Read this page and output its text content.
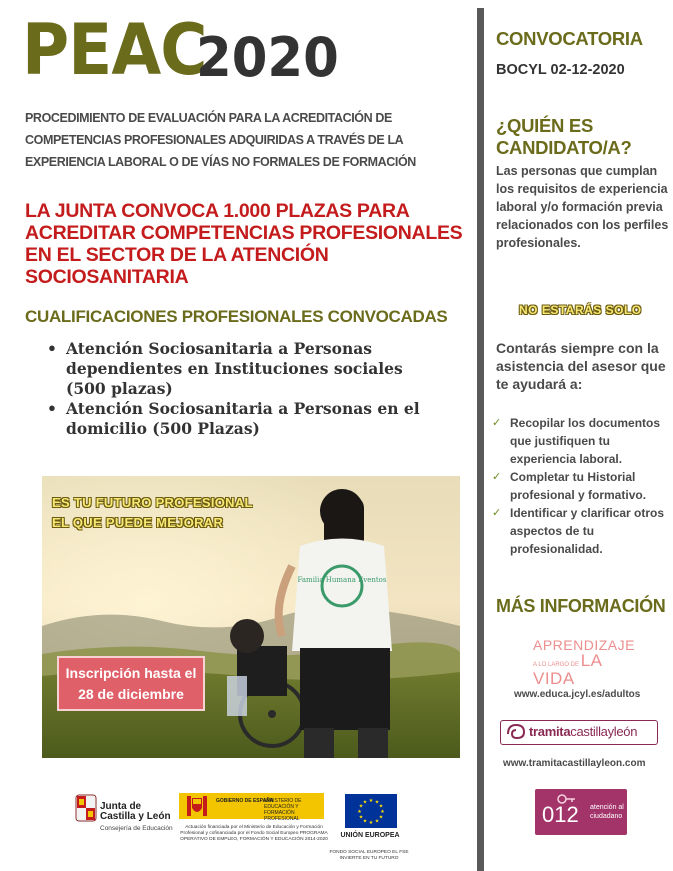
PEAC
2020
PROCEDIMIENTO DE EVALUACIÓN PARA LA ACREDITACIÓN DE COMPETENCIAS PROFESIONALES ADQUIRIDAS A TRAVÉS DE LA EXPERIENCIA LABORAL O DE VÍAS NO FORMALES DE FORMACIÓN
LA JUNTA CONVOCA 1.000 PLAZAS PARA
ACREDITAR COMPETENCIAS PROFESIONALES
EN EL SECTOR DE LA ATENCIÓN SOCIOSANITARIA
CUALIFICACIONES PROFESIONALES CONVOCADAS
• Atención Sociosanitaria a Personas dependientes en Instituciones sociales (500 plazas)
• Atención Sociosanitaria a Personas en el domicilio (500 Plazas)
Familia Humana Eventos
ES TU FUTURO PROFESIONAL
EL QUE PUEDE MEJORAR
Inscripción hasta el
28 de diciembre
Junta de
Castilla y León
Consejería de Educación
GOBIERNO DE ESPAÑA
MINISTERIO DE EDUCACIÓN Y FORMACIÓN PROFESIONAL
Actuación financiada por el Ministerio de Educación y Formación Profesional y cofinanciada por el Fondo Social Europeo PROGRAMA OPERATIVO DE EMPLEO, FORMACIÓN Y EDUCACIÓN 2014-2020
★ ★
★
★
★
★
★
★
★
★
★
★
UNIÓN EUROPEA
FONDO SOCIAL EUROPEO EL FSE INVIERTE EN TU FUTURO
CONVOCATORIA
BOCYL 02-12-2020
¿QUIÉN ES CANDIDATO/A?
Las personas que cumplan los requisitos de experiencia laboral y/o formación previa relacionados con los perfiles profesionales.
NO ESTARÁS SOLO
Contarás siempre con la asistencia del asesor que te ayudará a:
✓ Recopilar los documentos que justifiquen tu experiencia laboral.
✓ Completar tu Historial profesional y formativo.
✓ Identificar y clarificar otros aspectos de tu profesionalidad.
MÁS INFORMACIÓN
APRENDIZAJE
A LO LARGO DE LA VIDA
www.educa.jcyl.es/adultos
tramitacastillayleón
www.tramitacastillayleon.com
012 atención al
ciudadano
